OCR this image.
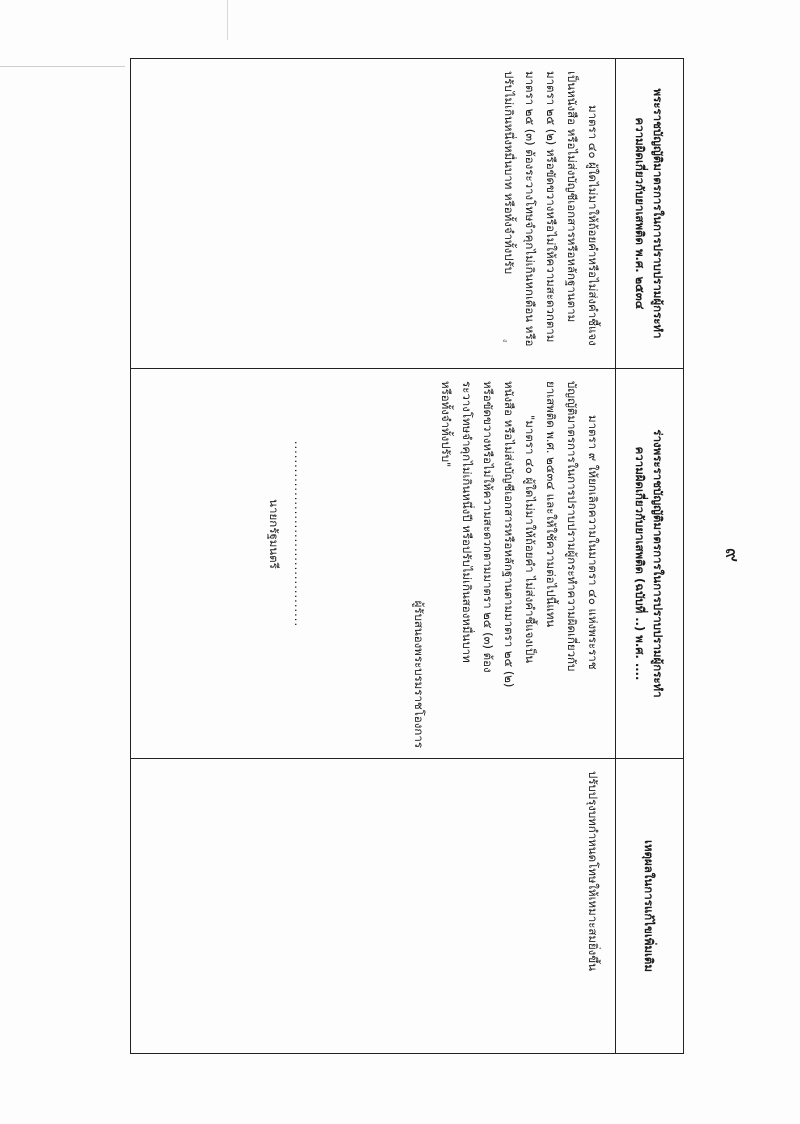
๙
พระราชบัญญัติมาตรการในการปราบปรามผู้กระทำ
ความผิดเกี่ยวกับยาเสพติด พ.ศ. ๒๕๓๔
ร่างพระราชบัญญัติมาตรการในการปราบปรามผู้กระทำ
ความผิดเกี่ยวกับยาเสพติด (ฉบับที่ ..) พ.ศ. ....
เหตุผลในการแก้ไขเพิ่มเติม

มาตรา ๔๐ ผู้ใดไม่มาให้ถ้อยคำหรือไม่ส่งคำชี้แจง

เป็นหนังสือ หรือไม่ส่งบัญชีเอกสารหรือหลักฐานตาม

มาตรา ๒๕ (๒) หรือขัดขวางหรือไม่ให้ความสะดวกตาม

มาตรา ๒๕ (๓) ต้องระวางโทษจำคุกไม่เกินหกเดือน หรือ

ปรับไม่เกินหนึ่งหมื่นบาท หรือทั้งจำทั้งปรับ

ง

มาตรา ๙ ให้ยกเลิกความในมาตรา ๔๐ แห่งพระราช

บัญญัติมาตรการในการปราบปรามผู้กระทำความผิดเกี่ยวกับ

ยาเสพติด พ.ศ. ๒๕๓๔ และให้ใช้ความต่อไปนี้แทน

"มาตรา ๔๐ ผู้ใดไม่มาให้ถ้อยคำ ไม่ส่งคำชี้แจงเป็น

หนังสือ หรือไม่ส่งบัญชีเอกสารหรือหลักฐานตามมาตรา ๒๕ (๒)

หรือขัดขวางหรือไม่ให้ความสะดวกตามมาตรา ๒๕ (๓) ต้อง

ระวางโทษจำคุกไม่เกินหนึ่งปี หรือปรับไม่เกินสองหมื่นบาท

หรือทั้งจำทั้งปรับ"

ผู้รับสนองพระบรมราชโองการ

........................................
นายกรัฐมนตรี

ปรับปรุงบทกำหนดโทษให้เหมาะสมยิ่งขึ้น
